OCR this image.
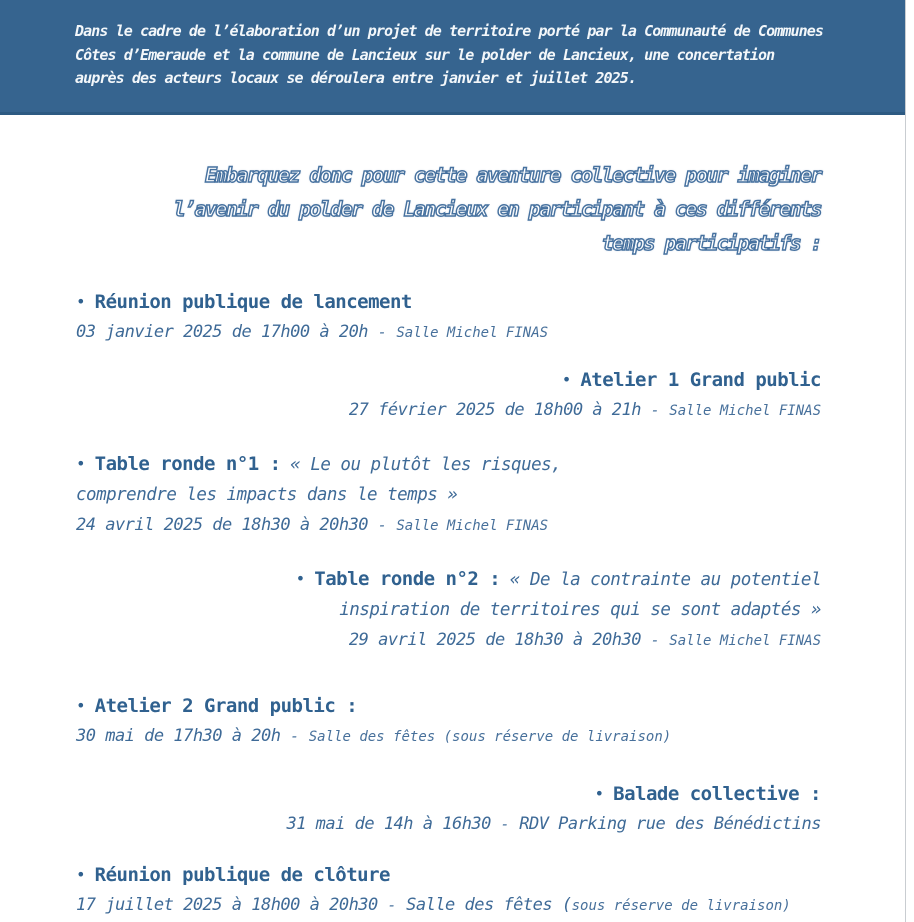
Dans le cadre de l’élaboration d’un projet de territoire porté par la Communauté de Communes Côtes d’Emeraude et la commune de Lancieux sur le polder de Lancieux, une concertation auprès des acteurs locaux se déroulera entre janvier et juillet 2025.
Embarquez donc pour cette aventure collective pour imaginer l’avenir du polder de Lancieux en participant à ces différents temps participatifs :
• Réunion publique de lancement
03 janvier 2025 de 17h00 à 20h - Salle Michel FINAS
• Atelier 1 Grand public
27 février 2025 de 18h00 à 21h - Salle Michel FINAS
• Table ronde n°1 : « Le ou plutôt les risques, comprendre les impacts dans le temps »
24 avril 2025 de 18h30 à 20h30 - Salle Michel FINAS
• Table ronde n°2 : « De la contrainte au potentiel inspiration de territoires qui se sont adaptés »
29 avril 2025 de 18h30 à 20h30 - Salle Michel FINAS
• Atelier 2 Grand public :
30 mai de 17h30 à 20h - Salle des fêtes (sous réserve de livraison)
• Balade collective :
31 mai de 14h à 16h30 - RDV Parking rue des Bénédictins
• Réunion publique de clôture
17 juillet 2025 à 18h00 à 20h30 - Salle des fêtes (sous réserve de livraison)
